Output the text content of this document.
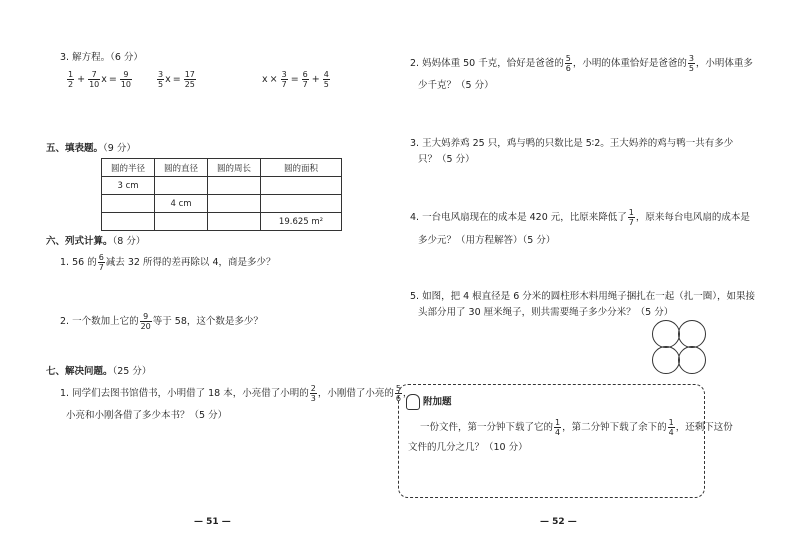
3. 解方程。（6 分）
$\frac{1}{2} + \frac{7}{10}$ $x = \frac{9}{10}$	$\frac{3}{5}$ $x = \frac{17}{25}$	$x \times \frac{3}{7} = \frac{6}{7} + \frac{4}{5}$
五、填表题。（9 分）
圆的半径	圆的直径	圆的周长	圆的面积
3 cm			
	4 cm		
			19.625 m²
六、列式计算。（8 分）
1. 56 的 $\frac{6}{7}$ 减去 32 所得的差再除以 4，商是多少？
2. 一个数加上它的 $\frac{9}{20}$ 等于 58，这个数是多少？
七、解决问题。（25 分）
1. 同学们去图书馆借书，小明借了 18 本，小亮借了小明的 $\frac{2}{3}$ ，小刚借了小亮的 $\frac{5}{6}$ ，
小亮和小刚各借了多少本书？（5 分）
— 51 —
2. 妈妈体重 50 千克，恰好是爸爸的 $\frac{5}{6}$ ，小明的体重恰好是爸爸的 $\frac{3}{5}$ ，小明体重多
少千克？（5 分）
3. 王大妈养鸡 25 只，鸡与鸭的只数比是 5∶2。王大妈养的鸡与鸭一共有多少
只？（5 分）
4. 一台电风扇现在的成本是 420 元，比原来降低了 $\frac{1}{7}$ ，原来每台电风扇的成本是
多少元？（用方程解答）（5 分）
5. 如图，把 4 根直径是 6 分米的圆柱形木料用绳子捆扎在一起（扎一圈），如果接
头部分用了 30 厘米绳子，则共需要绳子多少分米？（5 分）
附加题
一份文件，第一分钟下载了它的 $\frac{1}{4}$ ，第二分钟下载了余下的 $\frac{1}{4}$ ，还剩下这份
文件的几分之几？（10 分）
— 52 —
